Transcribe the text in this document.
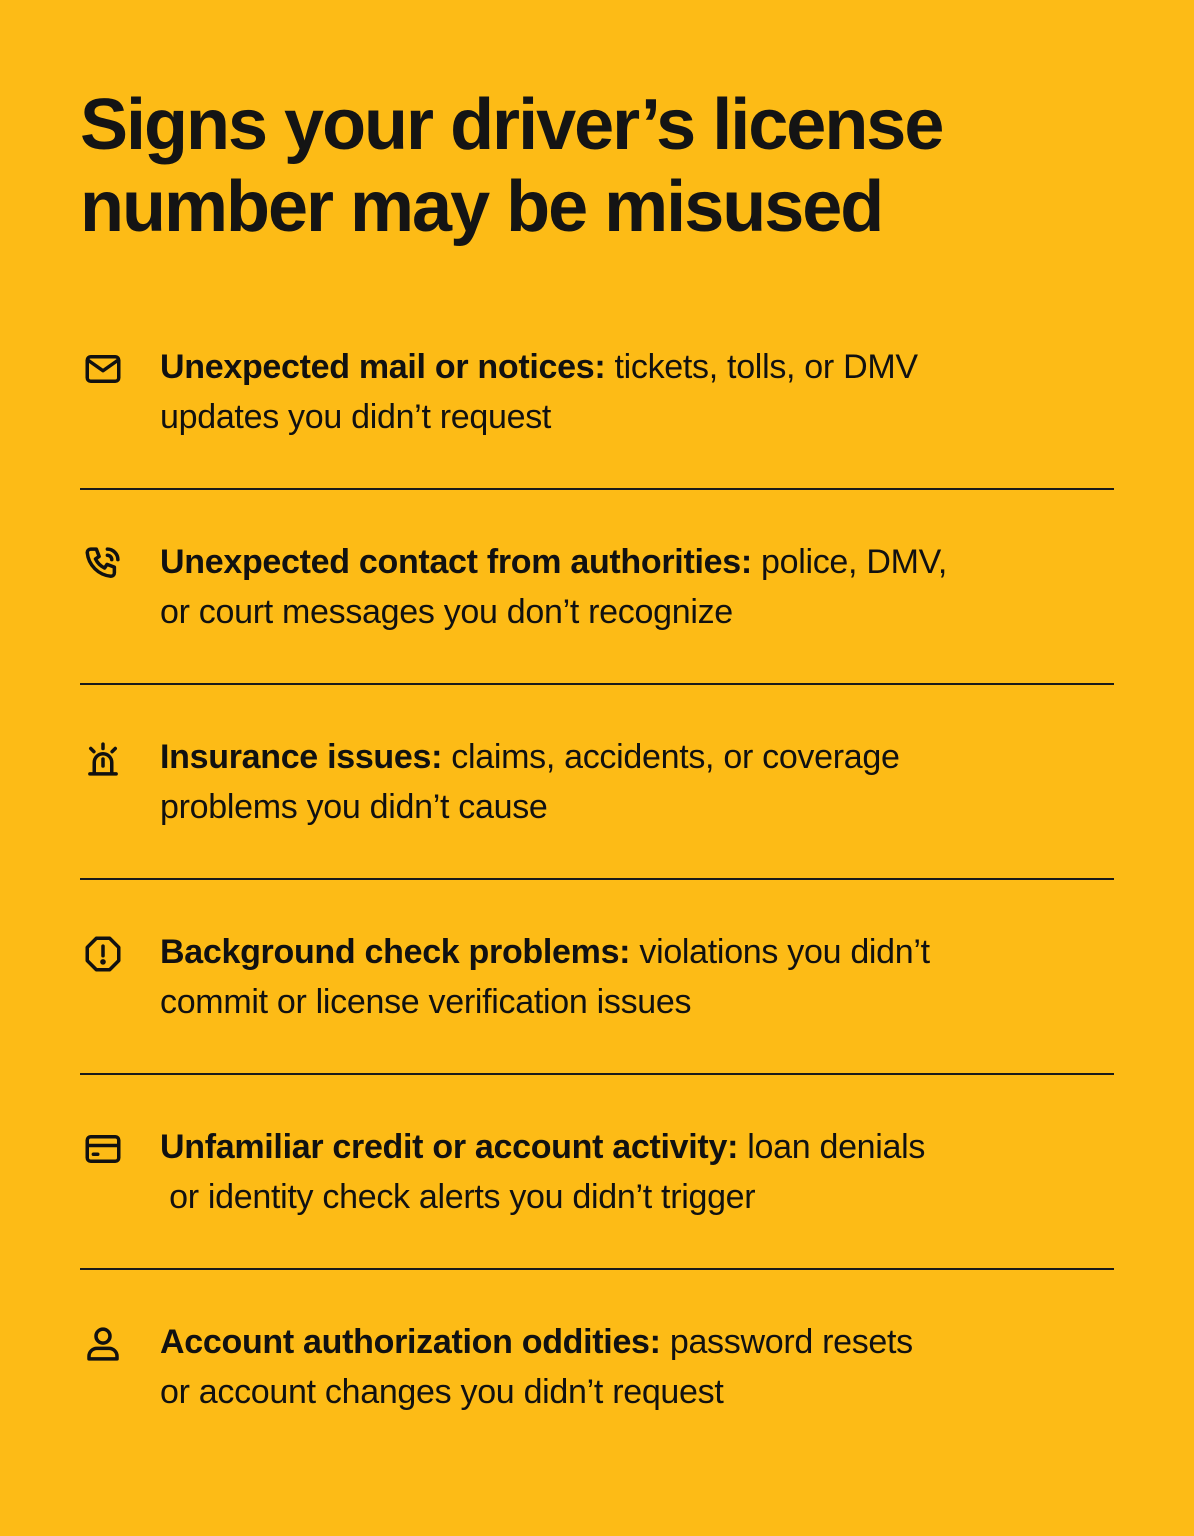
Signs your driver’s license
number may be misused
Unexpected mail or notices: tickets, tolls, or DMV
updates you didn’t request
Unexpected contact from authorities: police, DMV,
or court messages you don’t recognize
Insurance issues: claims, accidents, or coverage
problems you didn’t cause
Background check problems: violations you didn’t
commit or license verification issues
Unfamiliar credit or account activity: loan denials
or identity check alerts you didn’t trigger
Account authorization oddities: password resets
or account changes you didn’t request
